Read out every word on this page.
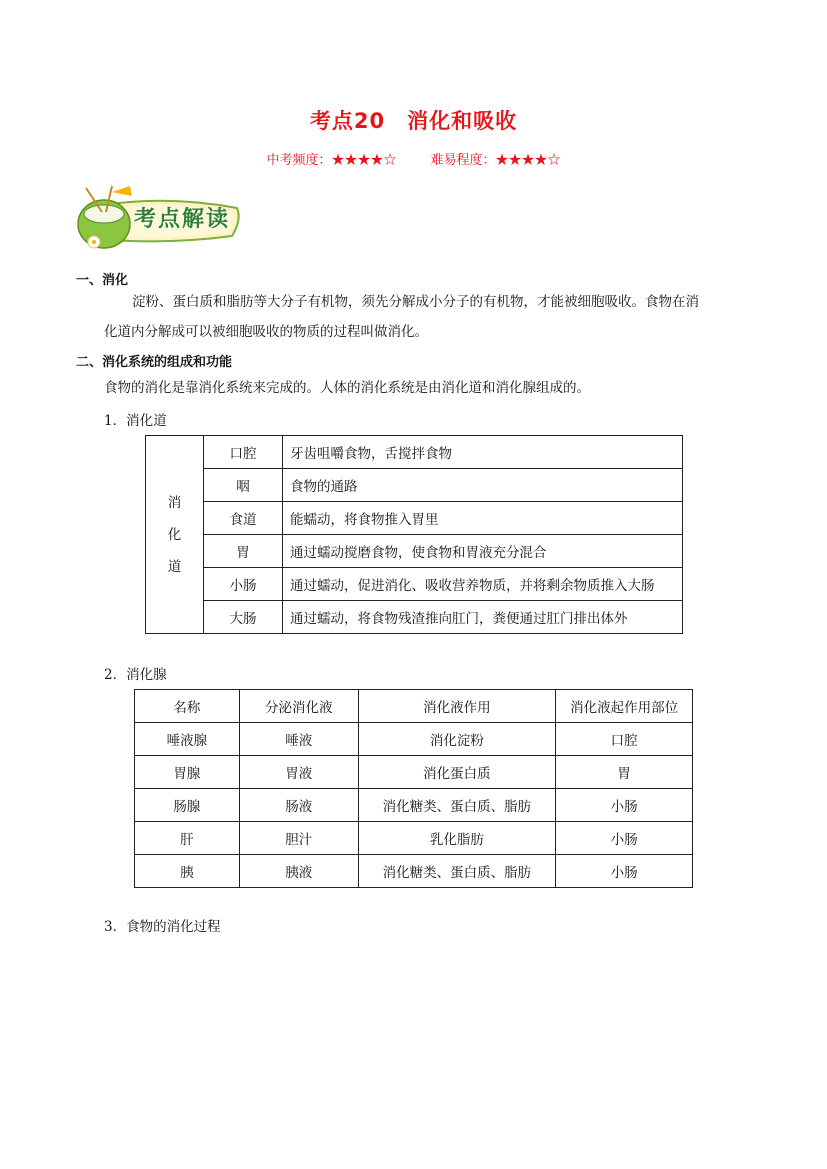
考点20　消化和吸收
中考频度：★★★★☆	难易程度：★★★★☆
考点解读
一、消化
淀粉、蛋白质和脂肪等大分子有机物，须先分解成小分子的有机物，才能被细胞吸收。食物在消
化道内分解成可以被细胞吸收的物质的过程叫做消化。
二、消化系统的组成和功能
食物的消化是靠消化系统来完成的。人体的消化系统是由消化道和消化腺组成的。
1．消化道
消
化
道	口腔	牙齿咀嚼食物，舌搅拌食物
	咽	食物的通路
	食道	能蠕动，将食物推入胃里
	胃	通过蠕动搅磨食物，使食物和胃液充分混合
	小肠	通过蠕动，促进消化、吸收营养物质，并将剩余物质推入大肠
	大肠	通过蠕动，将食物残渣推向肛门，粪便通过肛门排出体外
2．消化腺
名称	分泌消化液	消化液作用	消化液起作用部位
唾液腺	唾液	消化淀粉	口腔
胃腺	胃液	消化蛋白质	胃
肠腺	肠液	消化糖类、蛋白质、脂肪	小肠
肝	胆汁	乳化脂肪	小肠
胰	胰液	消化糖类、蛋白质、脂肪	小肠
3．食物的消化过程
